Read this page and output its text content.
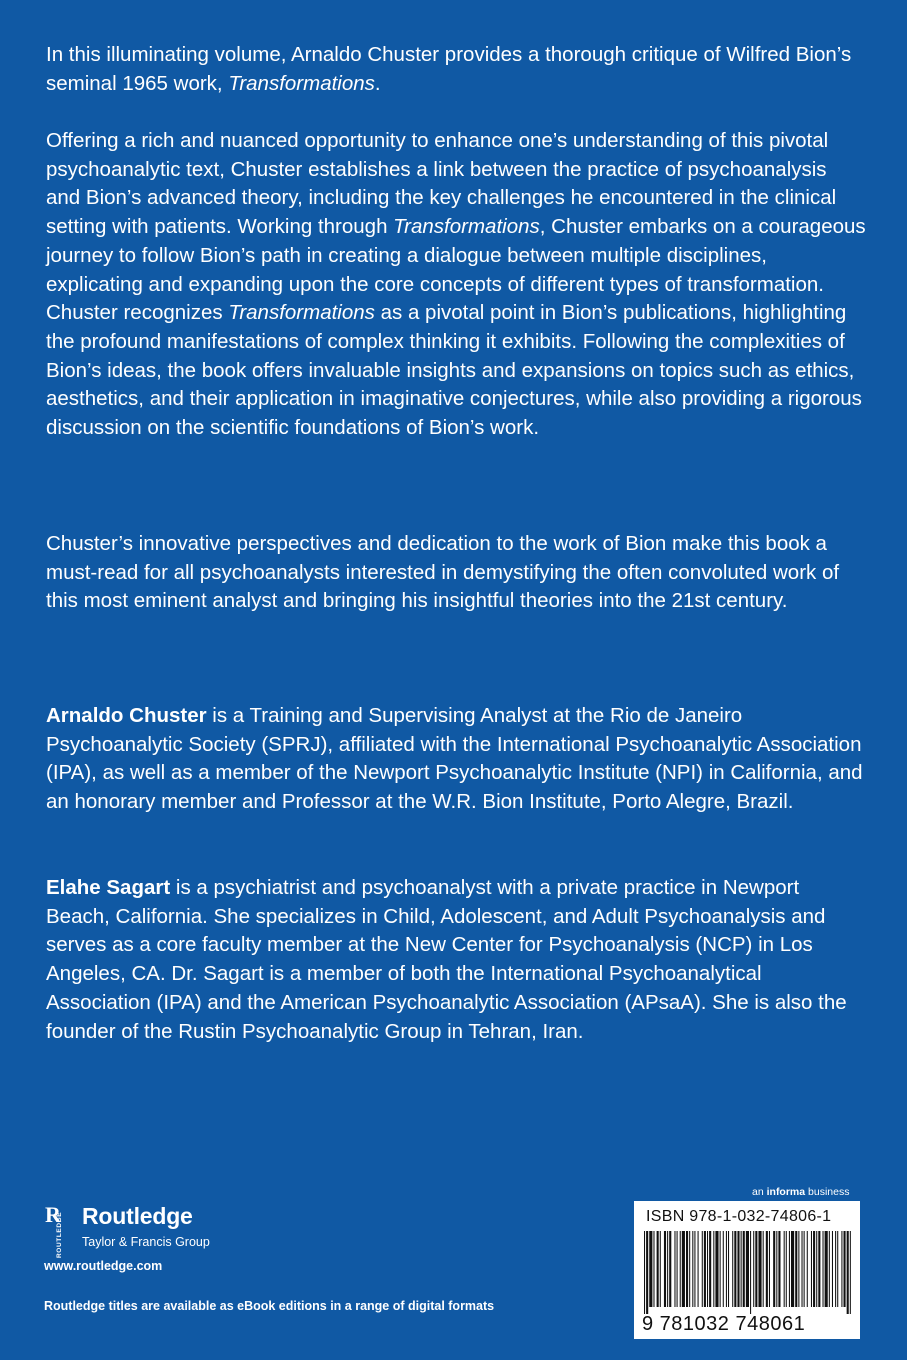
In this illuminating volume, Arnaldo Chuster provides a thorough critique of Wilfred Bion’s seminal 1965 work, Transformations.

Offering a rich and nuanced opportunity to enhance one’s understanding of this pivotal psychoanalytic text, Chuster establishes a link between the practice of psychoanalysis and Bion’s advanced theory, including the key challenges he encountered in the clinical setting with patients. Working through Transformations, Chuster embarks on a courageous journey to follow Bion’s path in creating a dialogue between multiple disciplines, explicating and expanding upon the core concepts of different types of transformation. Chuster recognizes Transformations as a pivotal point in Bion’s publications, highlighting the profound manifestations of complex thinking it exhibits. Following the complexities of Bion’s ideas, the book offers invaluable insights and expansions on topics such as ethics, aesthetics, and their application in imaginative conjectures, while also providing a rigorous discussion on the scientific foundations of Bion’s work.

Chuster’s innovative perspectives and dedication to the work of Bion make this book a must-read for all psychoanalysts interested in demystifying the often convoluted work of this most eminent analyst and bringing his insightful theories into the 21st century.

Arnaldo Chuster is a Training and Supervising Analyst at the Rio de Janeiro Psychoanalytic Society (SPRJ), affiliated with the International Psychoanalytic Association (IPA), as well as a member of the Newport Psychoanalytic Institute (NPI) in California, and an honorary member and Professor at the W.R. Bion Institute, Porto Alegre, Brazil.

Elahe Sagart is a psychiatrist and psychoanalyst with a private practice in Newport Beach, California. She specializes in Child, Adolescent, and Adult Psychoanalysis and serves as a core faculty member at the New Center for Psychoanalysis (NCP) in Los Angeles, CA. Dr. Sagart is a member of both the International Psychoanalytical Association (IPA) and the American Psychoanalytic Association (APsaA). She is also the founder of the Rustin Psychoanalytic Group in Tehran, Iran.

R
ROUTLEDGE Routledge
Taylor & Francis Group
www.routledge.com
Routledge titles are available as eBook editions in a range of digital formats
an informa business
ISBN 978-1-032-74806-1
9 781032 748061
